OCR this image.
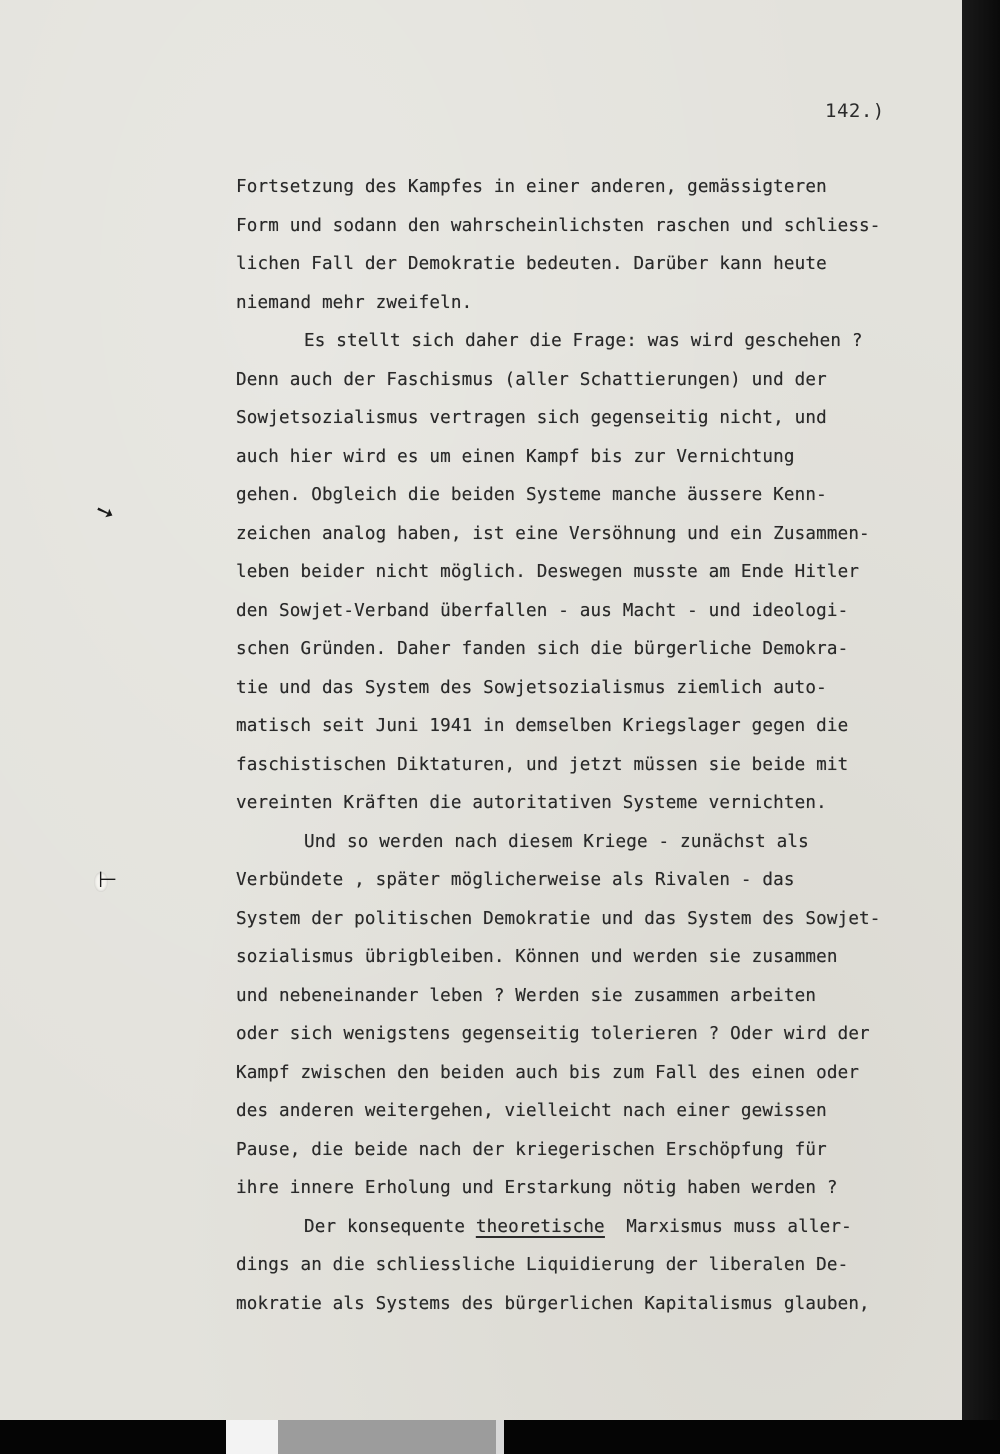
142.)
➘
⊢
Fortsetzung des Kampfes in einer anderen, gemässigteren
Form und sodann den wahrscheinlichsten raschen und schliess-
lichen Fall der Demokratie bedeuten. Darüber kann heute
niemand mehr zweifeln.
Es stellt sich daher die Frage: was wird geschehen ?
Denn auch der Faschismus (aller Schattierungen) und der
Sowjetsozialismus vertragen sich gegenseitig nicht, und
auch hier wird es um einen Kampf bis zur Vernichtung
gehen. Obgleich die beiden Systeme manche äussere Kenn-
zeichen analog haben, ist eine Versöhnung und ein Zusammen-
leben beider nicht möglich. Deswegen musste am Ende Hitler
den Sowjet-Verband überfallen - aus Macht - und ideologi-
schen Gründen. Daher fanden sich die bürgerliche Demokra-
tie und das System des Sowjetsozialismus ziemlich auto-
matisch seit Juni 1941 in demselben Kriegslager gegen die
faschistischen Diktaturen, und jetzt müssen sie beide mit
vereinten Kräften die autoritativen Systeme vernichten.
Und so werden nach diesem Kriege - zunächst als
Verbündete , später möglicherweise als Rivalen - das
System der politischen Demokratie und das System des Sowjet-
sozialismus übrigbleiben. Können und werden sie zusammen
und nebeneinander leben ? Werden sie zusammen arbeiten
oder sich wenigstens gegenseitig tolerieren ? Oder wird der
Kampf zwischen den beiden auch bis zum Fall des einen oder
des anderen weitergehen, vielleicht nach einer gewissen
Pause, die beide nach der kriegerischen Erschöpfung für
ihre innere Erholung und Erstarkung nötig haben werden ?
Der konsequente theoretische  Marxismus muss aller-
dings an die schliessliche Liquidierung der liberalen De-
mokratie als Systems des bürgerlichen Kapitalismus glauben,
